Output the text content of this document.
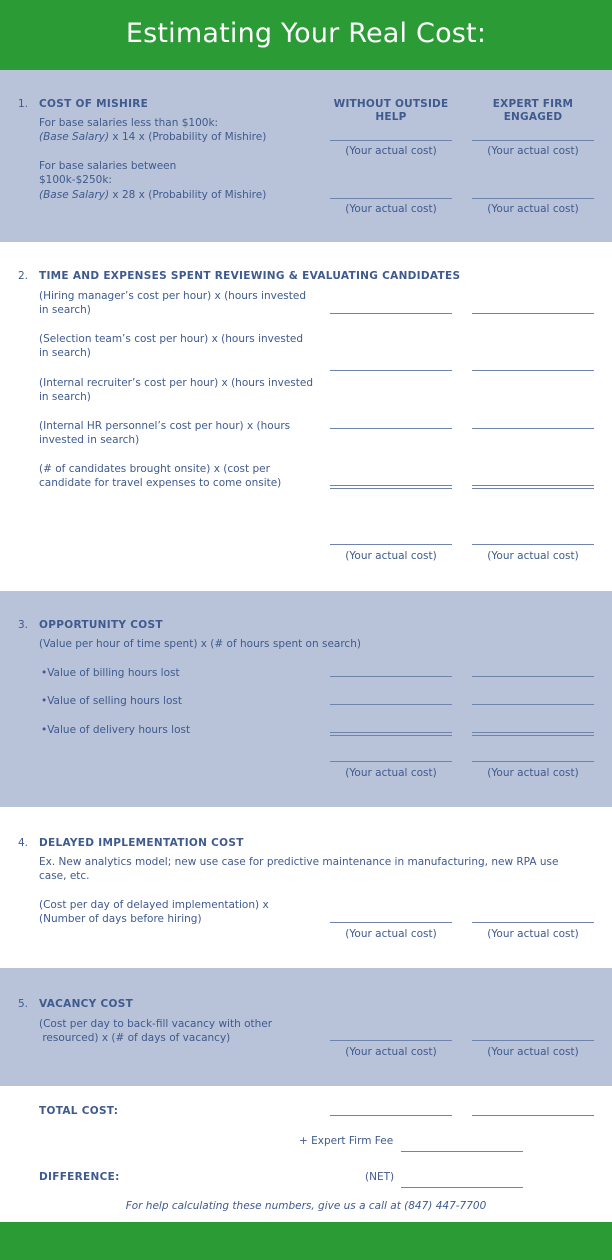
Estimating Your Real Cost:
1. COST OF MISHIRE
For base salaries less than $100k:
(Base Salary) x 14 x (Probability of Mishire)
For base salaries between
$100k-$250k:
(Base Salary) x 28 x (Probability of Mishire)
WITHOUT OUTSIDE HELP
EXPERT FIRM ENGAGED
(Your actual cost)	(Your actual cost)
(Your actual cost)	(Your actual cost)
2. TIME AND EXPENSES SPENT REVIEWING & EVALUATING CANDIDATES
(Hiring manager’s cost per hour) x (hours invested
in search)
(Selection team’s cost per hour) x (hours invested
in search)
(Internal recruiter’s cost per hour) x (hours invested
in search)
(Internal HR personnel’s cost per hour) x (hours
invested in search)
(# of candidates brought onsite) x (cost per
candidate for travel expenses to come onsite)
(Your actual cost)	(Your actual cost)
3. OPPORTUNITY COST
(Value per hour of time spent) x (# of hours spent on search)
•Value of billing hours lost
•Value of selling hours lost
•Value of delivery hours lost
(Your actual cost)	(Your actual cost)
4. DELAYED IMPLEMENTATION COST
Ex. New analytics model; new use case for predictive maintenance in manufacturing, new RPA use
case, etc.
(Cost per day of delayed implementation) x
(Number of days before hiring)
(Your actual cost)	(Your actual cost)
5. VACANCY COST
(Cost per day to back-fill vacancy with other
resourced) x (# of days of vacancy)
(Your actual cost)	(Your actual cost)
TOTAL COST:
+ Expert Firm Fee
DIFFERENCE:	(NET)
For help calculating these numbers, give us a call at (847) 447-7700
